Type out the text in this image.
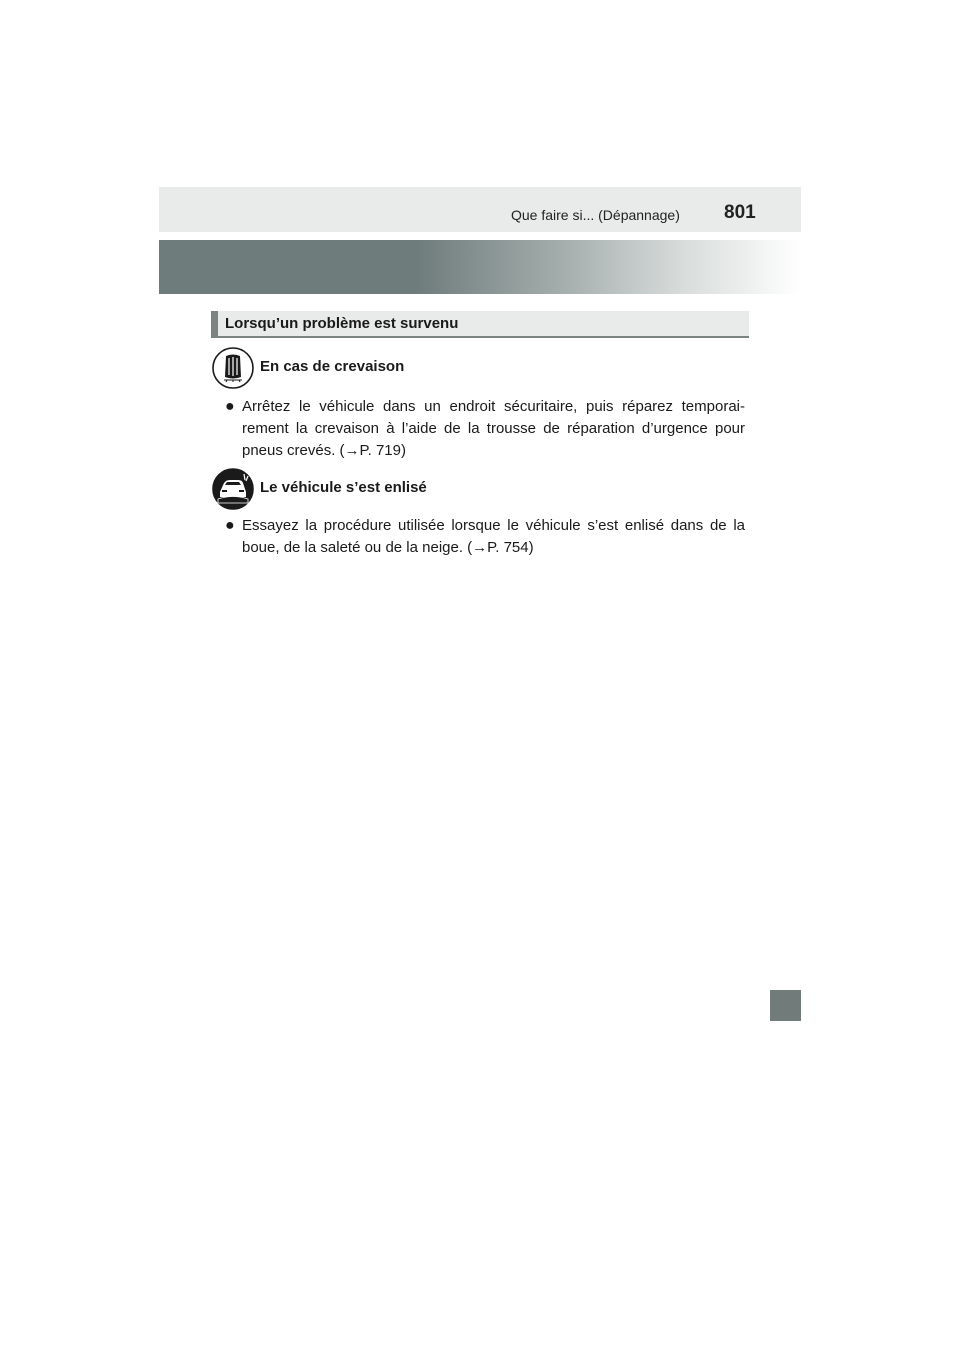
Que faire si... (Dépannage) 801
Lorsqu’un problème est survenu
En cas de crevaison
● Arrêtez le véhicule dans un endroit sécuritaire, puis réparez temporai-rement la crevaison à l’aide de la trousse de réparation d’urgence pour pneus crevés. (→P. 719)
Le véhicule s’est enlisé
● Essayez la procédure utilisée lorsque le véhicule s’est enlisé dans de la boue, de la saleté ou de la neige. (→P. 754)
